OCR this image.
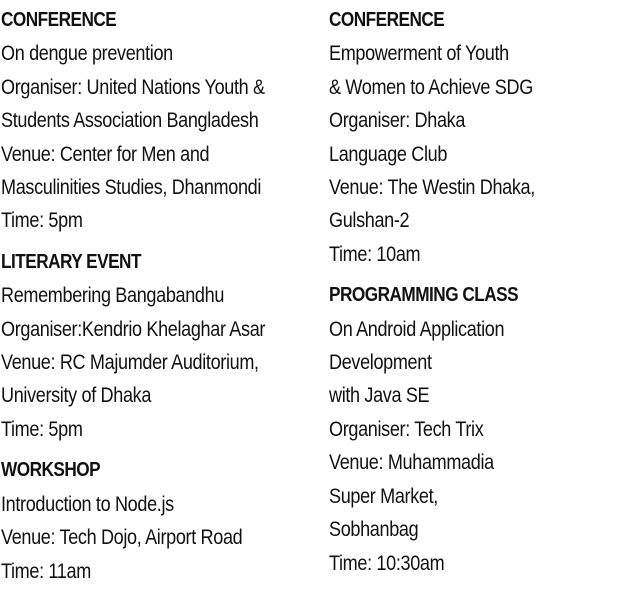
CONFERENCE
On dengue prevention
Organiser: United Nations Youth &
Students Association Bangladesh
Venue: Center for Men and
Masculinities Studies, Dhanmondi
Time: 5pm
LITERARY EVENT
Remembering Bangabandhu
Organiser:Kendrio Khelaghar Asar
Venue: RC Majumder Auditorium,
University of Dhaka
Time: 5pm
WORKSHOP
Introduction to Node.js
Venue: Tech Dojo, Airport Road
Time: 11am
CONFERENCE
Empowerment of Youth
& Women to Achieve SDG
Organiser: Dhaka
Language Club
Venue: The Westin Dhaka,
Gulshan-2
Time: 10am
PROGRAMMING CLASS
On Android Application
Development
with Java SE
Organiser: Tech Trix
Venue: Muhammadia
Super Market,
Sobhanbag
Time: 10:30am
